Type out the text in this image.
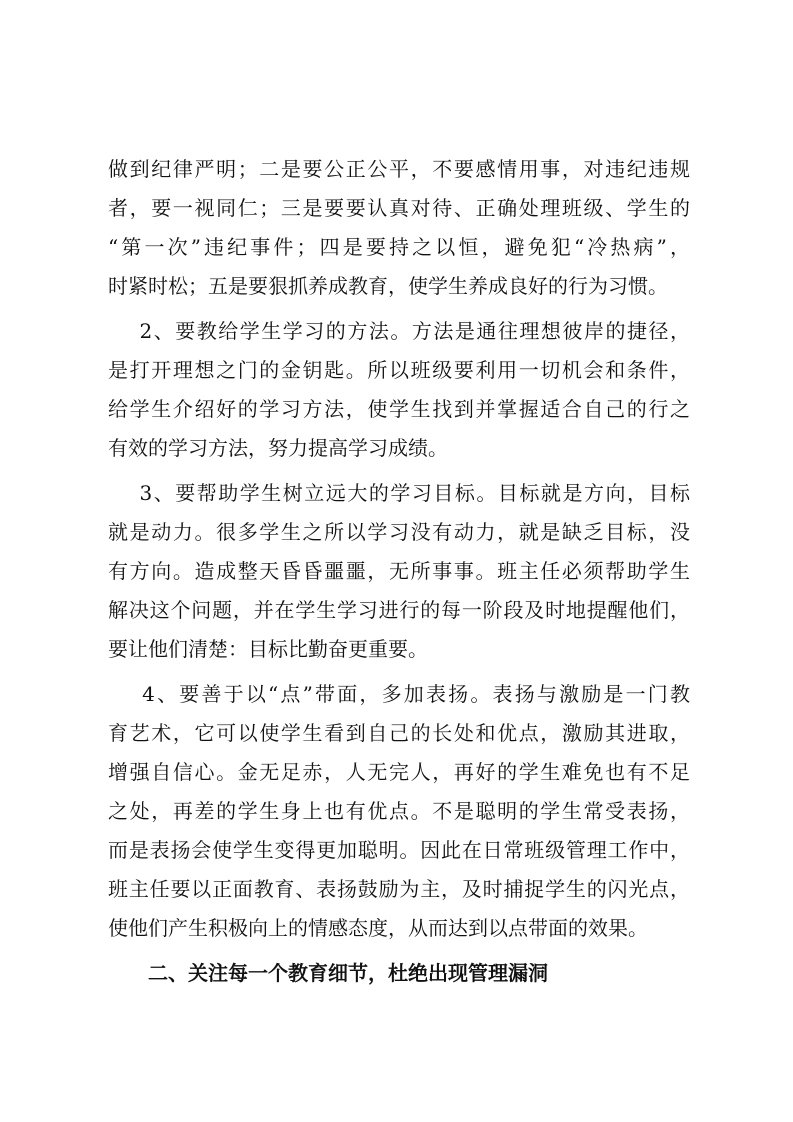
做到纪律严明；二是要公正公平，不要感情用事，对违纪违规
者，要一视同仁；三是要要认真对待、正确处理班级、学生的
“第一次”违纪事件；四是要持之以恒，避免犯“冷热病”，
时紧时松；五是要狠抓养成教育，使学生养成良好的行为习惯。
2、要教给学生学习的方法。方法是通往理想彼岸的捷径，
是打开理想之门的金钥匙。所以班级要利用一切机会和条件，
给学生介绍好的学习方法，使学生找到并掌握适合自己的行之
有效的学习方法，努力提高学习成绩。
3、要帮助学生树立远大的学习目标。目标就是方向，目标
就是动力。很多学生之所以学习没有动力，就是缺乏目标，没
有方向。造成整天昏昏噩噩，无所事事。班主任必须帮助学生
解决这个问题，并在学生学习进行的每一阶段及时地提醒他们，
要让他们清楚：目标比勤奋更重要。
4、要善于以“点”带面，多加表扬。表扬与激励是一门教
育艺术，它可以使学生看到自己的长处和优点，激励其进取，
增强自信心。金无足赤，人无完人，再好的学生难免也有不足
之处，再差的学生身上也有优点。不是聪明的学生常受表扬，
而是表扬会使学生变得更加聪明。因此在日常班级管理工作中，
班主任要以正面教育、表扬鼓励为主，及时捕捉学生的闪光点，
使他们产生积极向上的情感态度，从而达到以点带面的效果。
二、关注每一个教育细节，杜绝出现管理漏洞
